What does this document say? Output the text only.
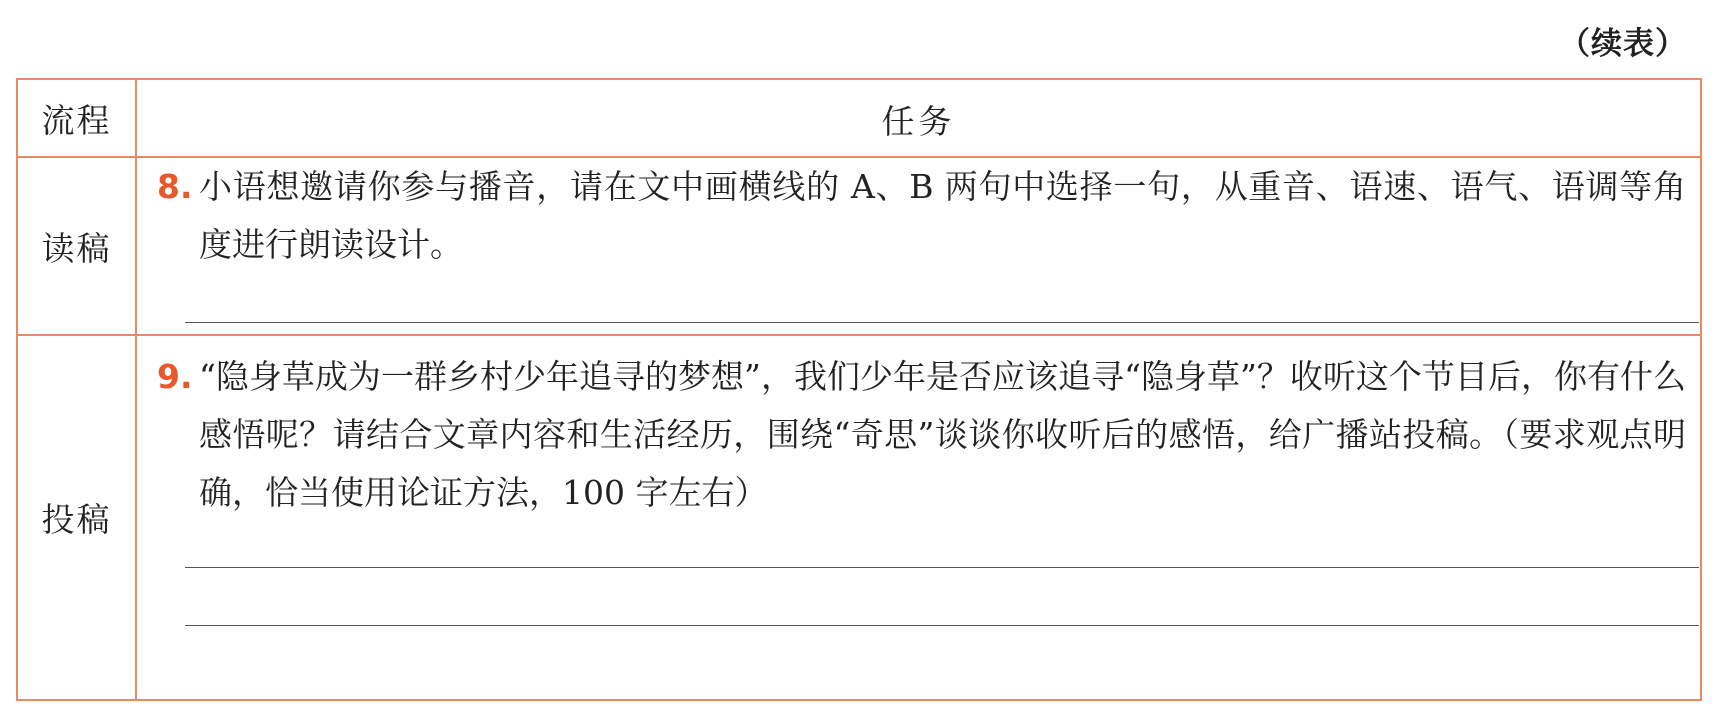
（续表）
流程	任务
读稿
8. 小语想邀请你参与播音，请在文中画横线的 A、B 两句中选择一句，从重音、语速、语气、语调等角度进行朗读设计。
投稿
9. “隐身草成为一群乡村少年追寻的梦想”，我们少年是否应该追寻“隐身草”？收听这个节目后，你有什么感悟呢？请结合文章内容和生活经历，围绕“奇思”谈谈你收听后的感悟，给广播站投稿。（要求观点明确，恰当使用论证方法，100 字左右）
